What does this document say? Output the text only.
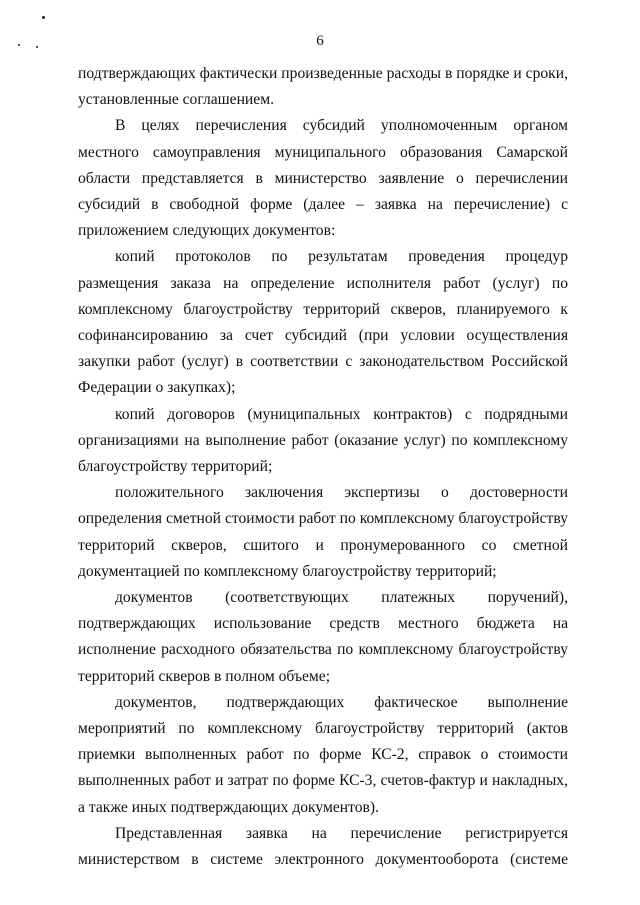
6

подтверждающих фактически произведенные расходы в порядке и сроки, установленные соглашением.

В целях перечисления субсидий уполномоченным органом местного самоуправления муниципального образования Самарской области представляется в министерство заявление о перечислении субсидий в свободной форме (далее – заявка на перечисление) с приложением следующих документов:

копий протоколов по результатам проведения процедур размещения заказа на определение исполнителя работ (услуг) по комплексному благоустройству территорий скверов, планируемого к софинансированию за счет субсидий (при условии осуществления закупки работ (услуг) в соответствии с законодательством Российской Федерации о закупках);

копий договоров (муниципальных контрактов) с подрядными организациями на выполнение работ (оказание услуг) по комплексному благоустройству территорий;

положительного заключения экспертизы о достоверности определения сметной стоимости работ по комплексному благоустройству территорий скверов, сшитого и пронумерованного со сметной документацией по комплексному благоустройству территорий;

документов (соответствующих платежных поручений), подтверждающих использование средств местного бюджета на исполнение расходного обязательства по комплексному благоустройству территорий скверов в полном объеме;

документов, подтверждающих фактическое выполнение мероприятий по комплексному благоустройству территорий (актов приемки выполненных работ по форме КС-2, справок о стоимости выполненных работ и затрат по форме КС-3, счетов-фактур и накладных, а также иных подтверждающих документов).

Представленная заявка на перечисление регистрируется министерством в системе электронного документооборота (системе
